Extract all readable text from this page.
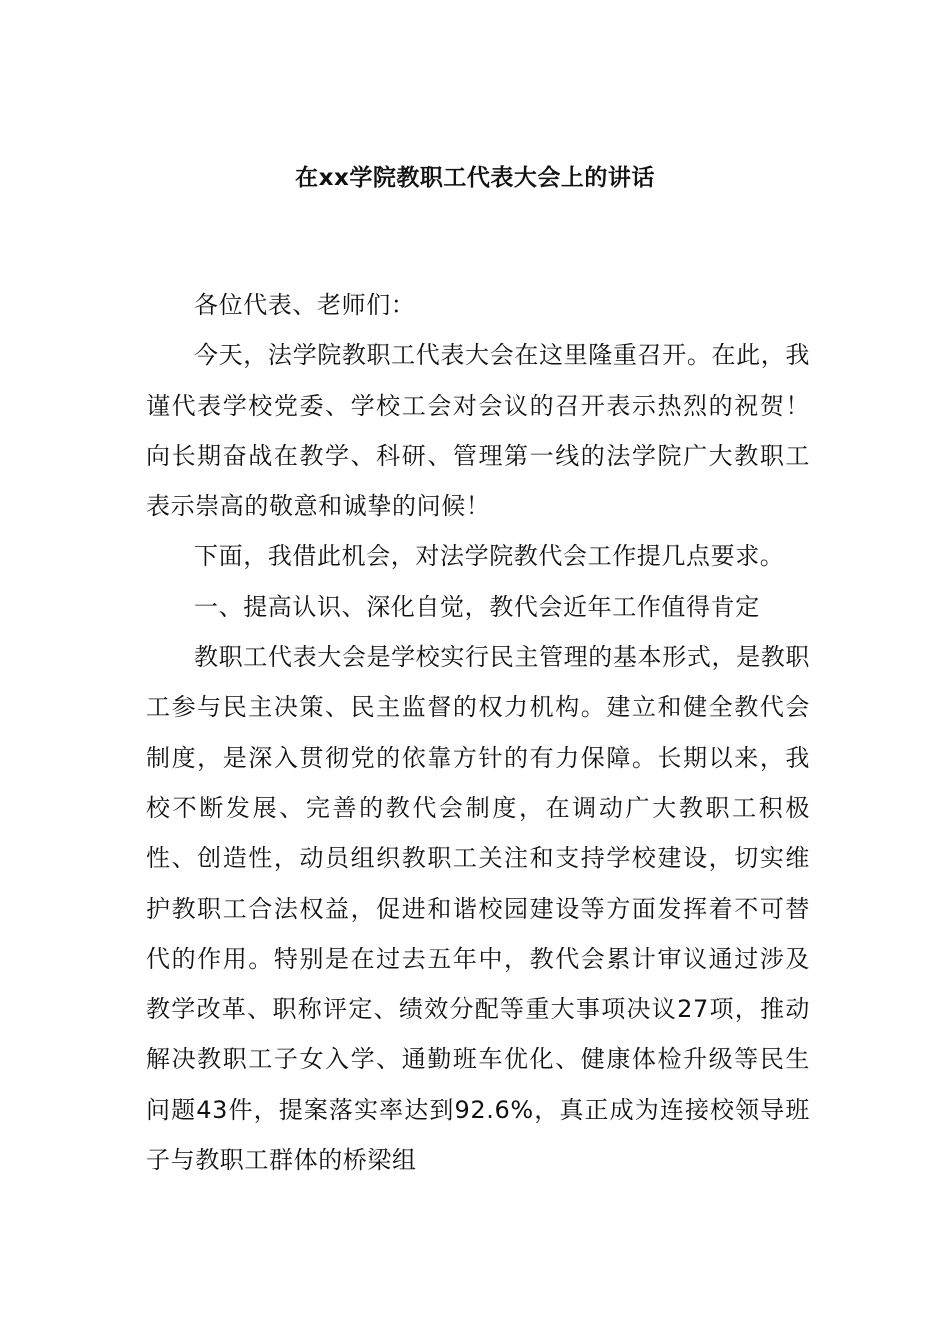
在xx学院教职工代表大会上的讲话

各位代表、老师们：

今天，法学院教职工代表大会在这里隆重召开。在此，我谨代表学校党委、学校工会对会议的召开表示热烈的祝贺！向长期奋战在教学、科研、管理第一线的法学院广大教职工表示崇高的敬意和诚挚的问候！

下面，我借此机会，对法学院教代会工作提几点要求。

一、提高认识、深化自觉，教代会近年工作值得肯定

教职工代表大会是学校实行民主管理的基本形式，是教职工参与民主决策、民主监督的权力机构。建立和健全教代会制度，是深入贯彻党的依靠方针的有力保障。长期以来，我校不断发展、完善的教代会制度，在调动广大教职工积极性、创造性，动员组织教职工关注和支持学校建设，切实维护教职工合法权益，促进和谐校园建设等方面发挥着不可替代的作用。特别是在过去五年中，教代会累计审议通过涉及教学改革、职称评定、绩效分配等重大事项决议27项，推动解决教职工子女入学、通勤班车优化、健康体检升级等民生问题43件，提案落实率达到92.6%，真正成为连接校领导班子与教职工群体的桥梁组
